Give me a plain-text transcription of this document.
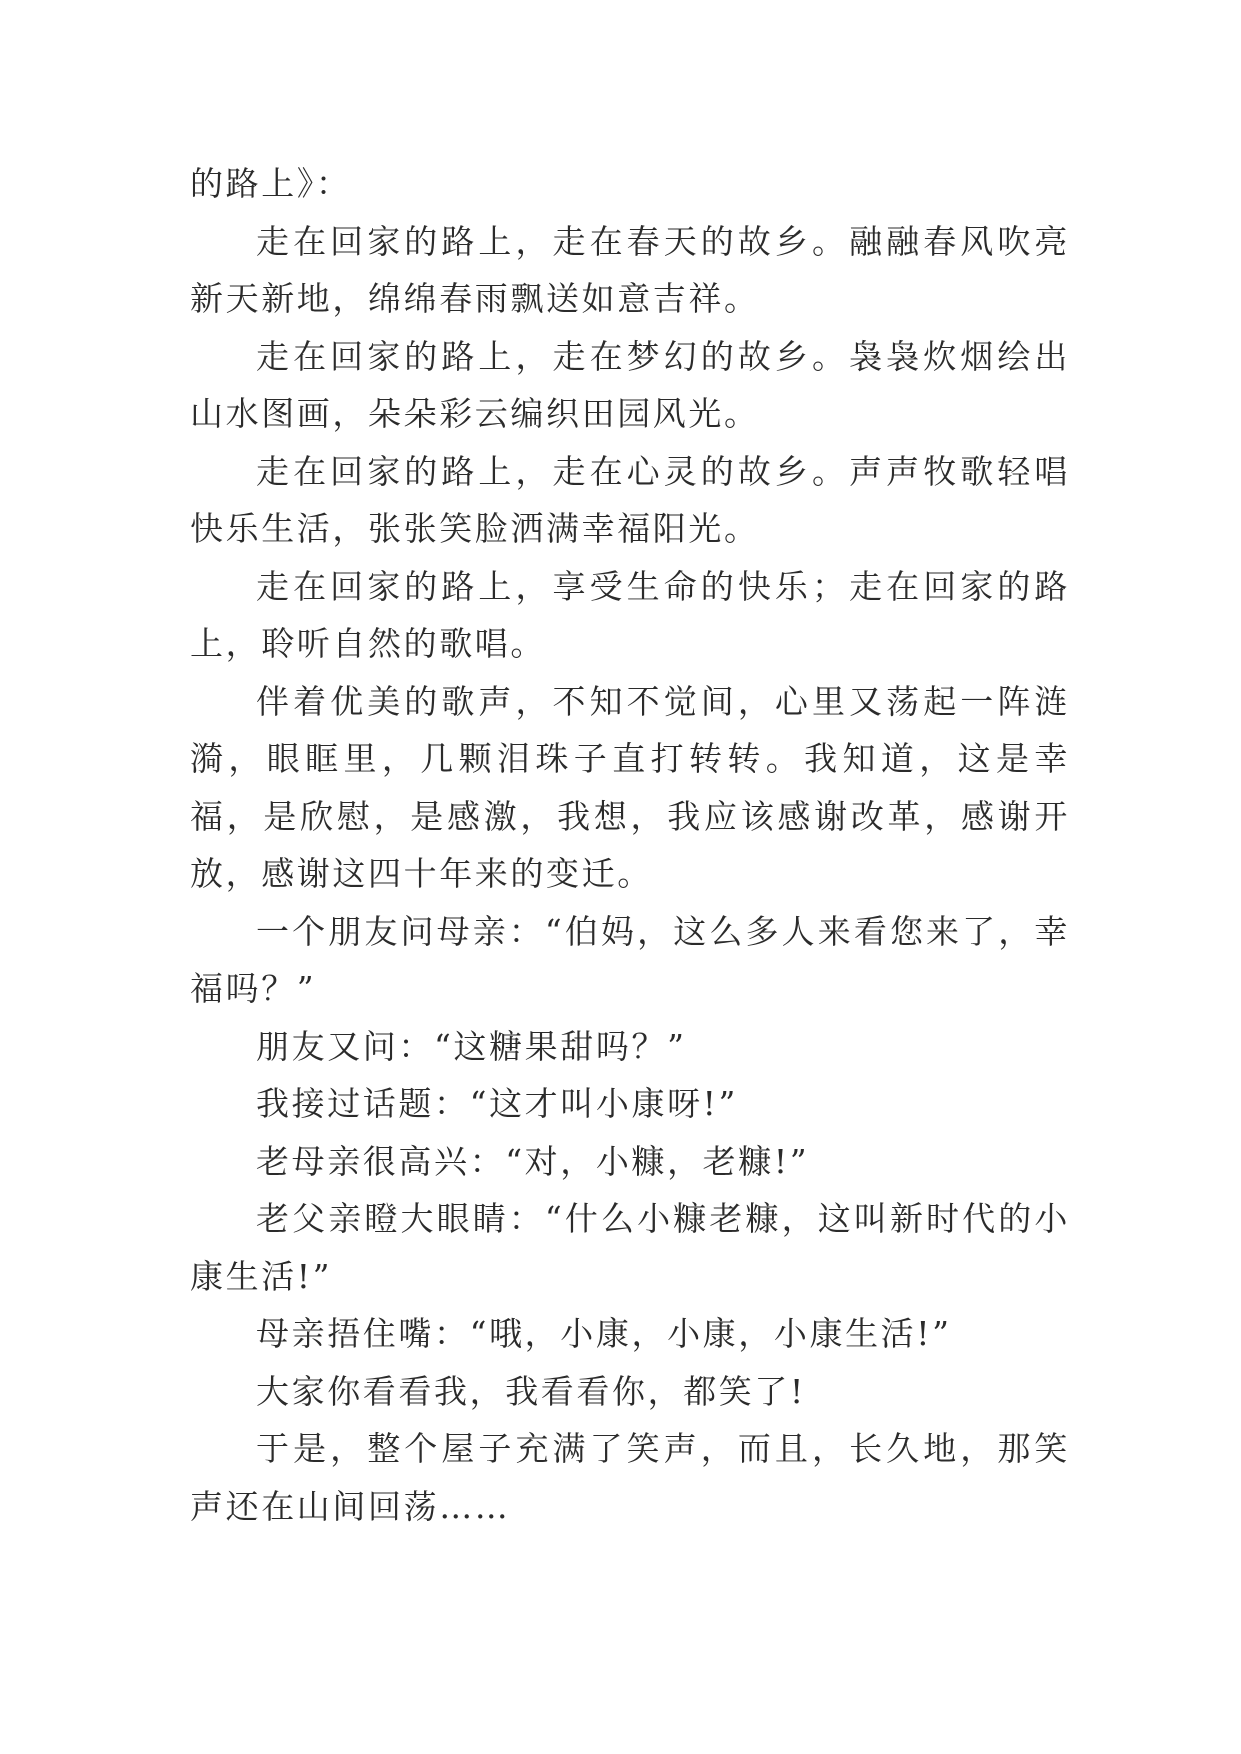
的路上》：

走在回家的路上，走在春天的故乡。融融春风吹亮新天新地，绵绵春雨飘送如意吉祥。

走在回家的路上，走在梦幻的故乡。袅袅炊烟绘出山水图画，朵朵彩云编织田园风光。

走在回家的路上，走在心灵的故乡。声声牧歌轻唱快乐生活，张张笑脸洒满幸福阳光。

走在回家的路上，享受生命的快乐；走在回家的路上，聆听自然的歌唱。

伴着优美的歌声，不知不觉间，心里又荡起一阵涟漪，眼眶里，几颗泪珠子直打转转。我知道，这是幸福，是欣慰，是感激，我想，我应该感谢改革，感谢开放，感谢这四十年来的变迁。

一个朋友问母亲：“伯妈，这么多人来看您来了，幸福吗？”

朋友又问：“这糖果甜吗？”

我接过话题：“这才叫小康呀!”

老母亲很高兴：“对，小糠，老糠!”

老父亲瞪大眼睛：“什么小糠老糠，这叫新时代的小康生活!”

母亲捂住嘴：“哦，小康，小康，小康生活!”

大家你看看我，我看看你，都笑了!

于是，整个屋子充满了笑声，而且，长久地，那笑声还在山间回荡……
